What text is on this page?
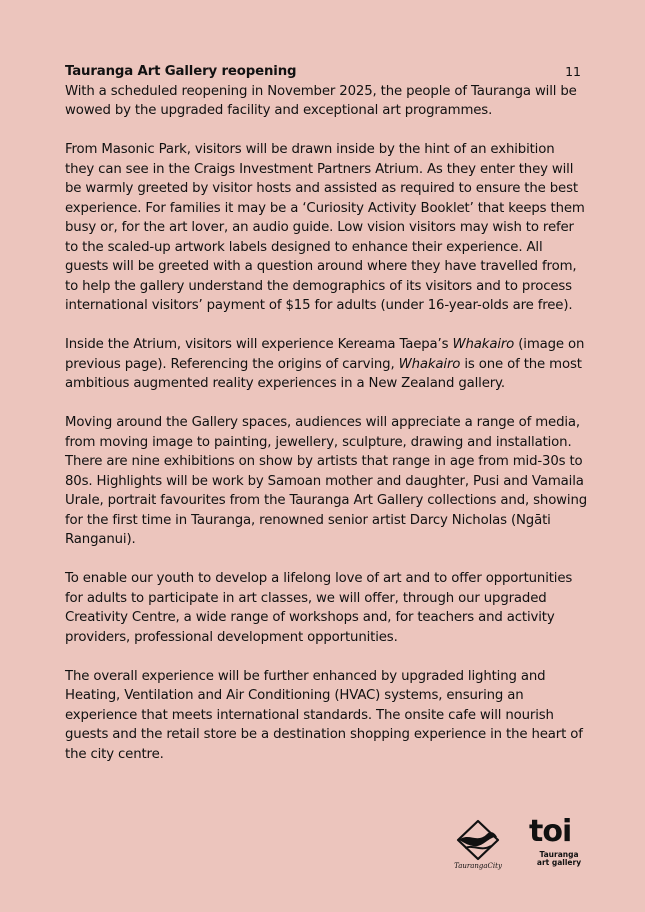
11

Tauranga Art Gallery reopening

With a scheduled reopening in November 2025, the people of Tauranga will be wowed by the upgraded facility and exceptional art programmes.

From Masonic Park, visitors will be drawn inside by the hint of an exhibition they can see in the Craigs Investment Partners Atrium. As they enter they will be warmly greeted by visitor hosts and assisted as required to ensure the best experience. For families it may be a ‘Curiosity Activity Booklet’ that keeps them busy or, for the art lover, an audio guide. Low vision visitors may wish to refer to the scaled-up artwork labels designed to enhance their experience. All guests will be greeted with a question around where they have travelled from, to help the gallery understand the demographics of its visitors and to process international visitors’ payment of $15 for adults (under 16-year-olds are free).

Inside the Atrium, visitors will experience Kereama Taepa’s Whakairo (image on previous page). Referencing the origins of carving, Whakairo is one of the most ambitious augmented reality experiences in a New Zealand gallery.

Moving around the Gallery spaces, audiences will appreciate a range of media, from moving image to painting, jewellery, sculpture, drawing and installation. There are nine exhibitions on show by artists that range in age from mid-30s to 80s. Highlights will be work by Samoan mother and daughter, Pusi and Vamaila Urale, portrait favourites from the Tauranga Art Gallery collections and, showing for the first time in Tauranga, renowned senior artist Darcy Nicholas (Ngāti Ranganui).

To enable our youth to develop a lifelong love of art and to offer opportunities for adults to participate in art classes, we will offer, through our upgraded Creativity Centre, a wide range of workshops and, for teachers and activity providers, professional development opportunities.

The overall experience will be further enhanced by upgraded lighting and Heating, Ventilation and Air Conditioning (HVAC) systems, ensuring an experience that meets international standards. The onsite cafe will nourish guests and the retail store be a destination shopping experience in the heart of the city centre.

TaurangaCity
toi
Tauranga
art gallery
